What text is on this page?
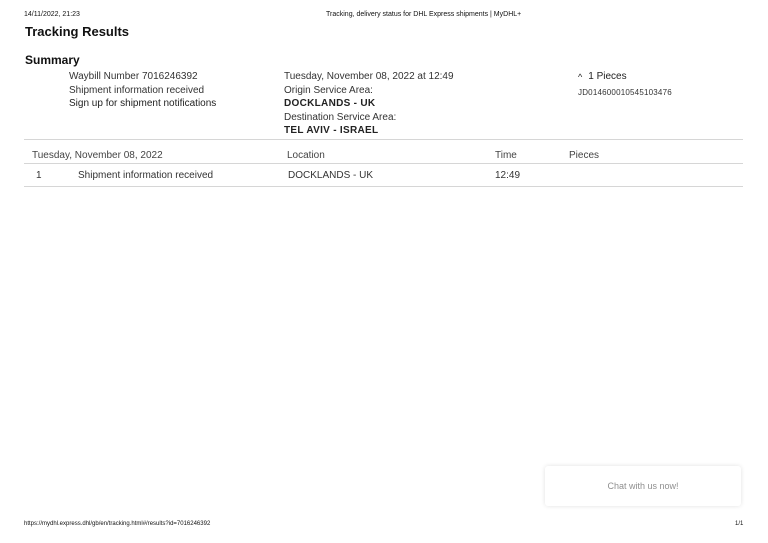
14/11/2022, 21:23	Tracking, delivery status for DHL Express shipments | MyDHL+
Tracking Results
Summary
Waybill Number 7016246392
Shipment information received
Sign up for shipment notifications
Tuesday, November 08, 2022 at 12:49
Origin Service Area:
DOCKLANDS - UK
Destination Service Area:
TEL AVIV - ISRAEL
^ 1 Pieces
JD014600010545103476
Tuesday, November 08, 2022	Location	Time	Pieces
1	Shipment information received	DOCKLANDS - UK	12:49
Chat with us now!
https://mydhl.express.dhl/gb/en/tracking.html#/results?id=7016246392	1/1
